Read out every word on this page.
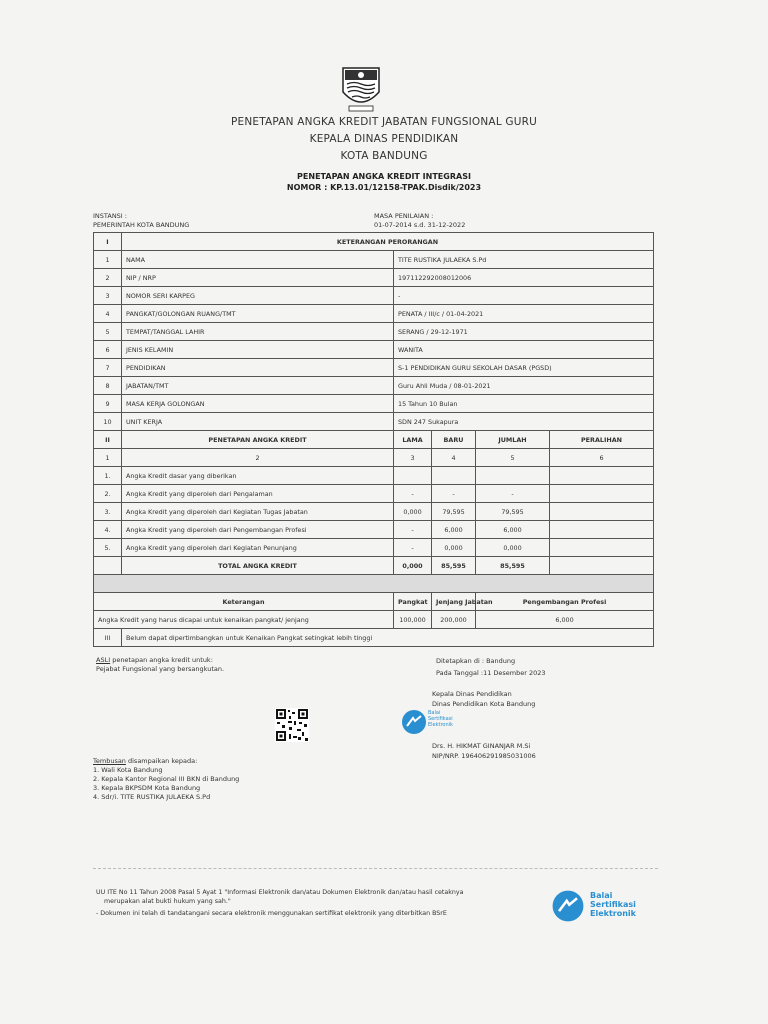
PENETAPAN ANGKA KREDIT JABATAN FUNGSIONAL GURU
KEPALA DINAS PENDIDIKAN
KOTA BANDUNG
PENETAPAN ANGKA KREDIT INTEGRASI
NOMOR : KP.13.01/12158-TPAK.Disdik/2023
INSTANSI :
PEMERINTAH KOTA BANDUNG
MASA PENILAIAN :
01-07-2014 s.d. 31-12-2022
I	KETERANGAN PERORANGAN				
1	NAMA	TITE RUSTIKA JULAEKA S.Pd			
2	NIP / NRP	197112292008012006			
3	NOMOR SERI KARPEG	-			
4	PANGKAT/GOLONGAN RUANG/TMT	PENATA / III/c / 01-04-2021			
5	TEMPAT/TANGGAL LAHIR	SERANG / 29-12-1971			
6	JENIS KELAMIN	WANITA			
7	PENDIDIKAN	S-1 PENDIDIKAN GURU SEKOLAH DASAR (PGSD)			
8	JABATAN/TMT	Guru Ahli Muda / 08-01-2021			
9	MASA KERJA GOLONGAN	15 Tahun 10 Bulan			
10	UNIT KERJA	SDN 247 Sukapura			
II	PENETAPAN ANGKA KREDIT	LAMA	BARU	JUMLAH	PERALIHAN
1	2	3	4	5	6
1.	Angka Kredit dasar yang diberikan				
2.	Angka Kredit yang diperoleh dari Pengalaman	-	-	-	
3.	Angka Kredit yang diperoleh dari Kegiatan Tugas Jabatan	0,000	79,595	79,595	
4.	Angka Kredit yang diperoleh dari Pengembangan Profesi	-	6,000	6,000	
5.	Angka Kredit yang diperoleh dari Kegiatan Penunjang	-	0,000	0,000	
	TOTAL ANGKA KREDIT	0,000	85,595	85,595	

Keterangan		Pangkat	Jenjang Jabatan	Pengembangan Profesi	
Angka Kredit yang harus dicapai untuk kenaikan pangkat/ jenjang		100,000	200,000	6,000	
III	Belum dapat dipertimbangkan untuk Kenaikan Pangkat setingkat lebih tinggi				
ASLI penetapan angka kredit untuk:
Pejabat Fungsional yang bersangkutan.
Ditetapkan di : Bandung
Pada Tanggal :11 Desember 2023
Kepala Dinas Pendidikan
Dinas Pendidikan Kota Bandung
Balai
Sertifikasi
Elektronik
Drs. H. HIKMAT GINANJAR M.Si
NIP/NRP. 196406291985031006
Tembusan disampaikan kepada:
1. Wali Kota Bandung
2. Kepala Kantor Regional III BKN di Bandung
3. Kepala BKPSDM Kota Bandung
4. Sdr/i. TITE RUSTIKA JULAEKA S.Pd
UU ITE No 11 Tahun 2008 Pasal 5 Ayat 1 "Informasi Elektronik dan/atau Dokumen Elektronik dan/atau hasil cetaknya
merupakan alat bukti hukum yang sah."
- Dokumen ini telah di tandatangani secara elektronik menggunakan sertifikat elektronik yang diterbitkan BSrE
Balai
Sertifikasi
Elektronik
